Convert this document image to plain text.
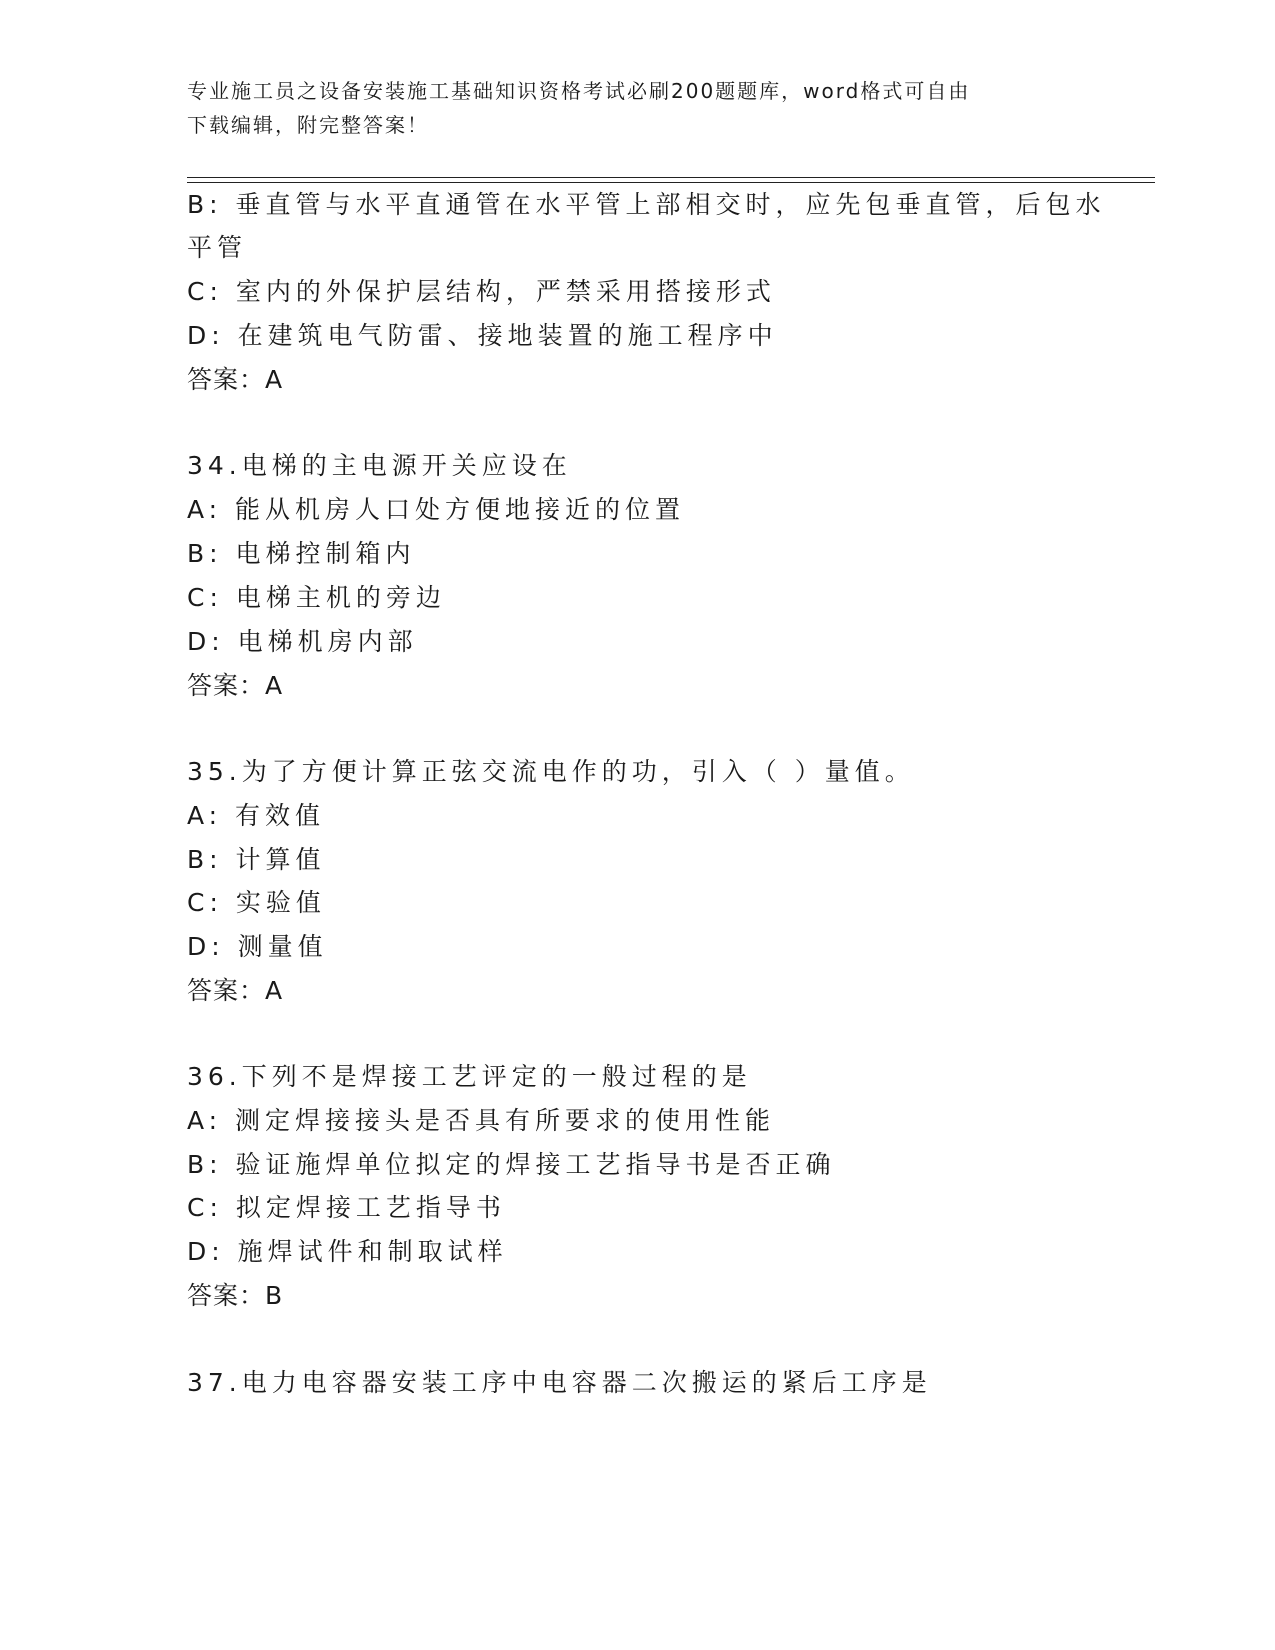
专业施工员之设备安装施工基础知识资格考试必刷200题题库，word格式可自由
下载编辑，附完整答案！
B: 垂直管与水平直通管在水平管上部相交时，应先包垂直管，后包水
平管
C: 室内的外保护层结构，严禁采用搭接形式
D: 在建筑电气防雷、接地装置的施工程序中
答案：A
34.电梯的主电源开关应设在
A: 能从机房人口处方便地接近的位置
B: 电梯控制箱内
C: 电梯主机的旁边
D: 电梯机房内部
答案：A
35.为了方便计算正弦交流电作的功，引入（ ）量值。
A: 有效值
B: 计算值
C: 实验值
D: 测量值
答案：A
36.下列不是焊接工艺评定的一般过程的是
A: 测定焊接接头是否具有所要求的使用性能
B: 验证施焊单位拟定的焊接工艺指导书是否正确
C: 拟定焊接工艺指导书
D: 施焊试件和制取试样
答案：B
37.电力电容器安装工序中电容器二次搬运的紧后工序是
